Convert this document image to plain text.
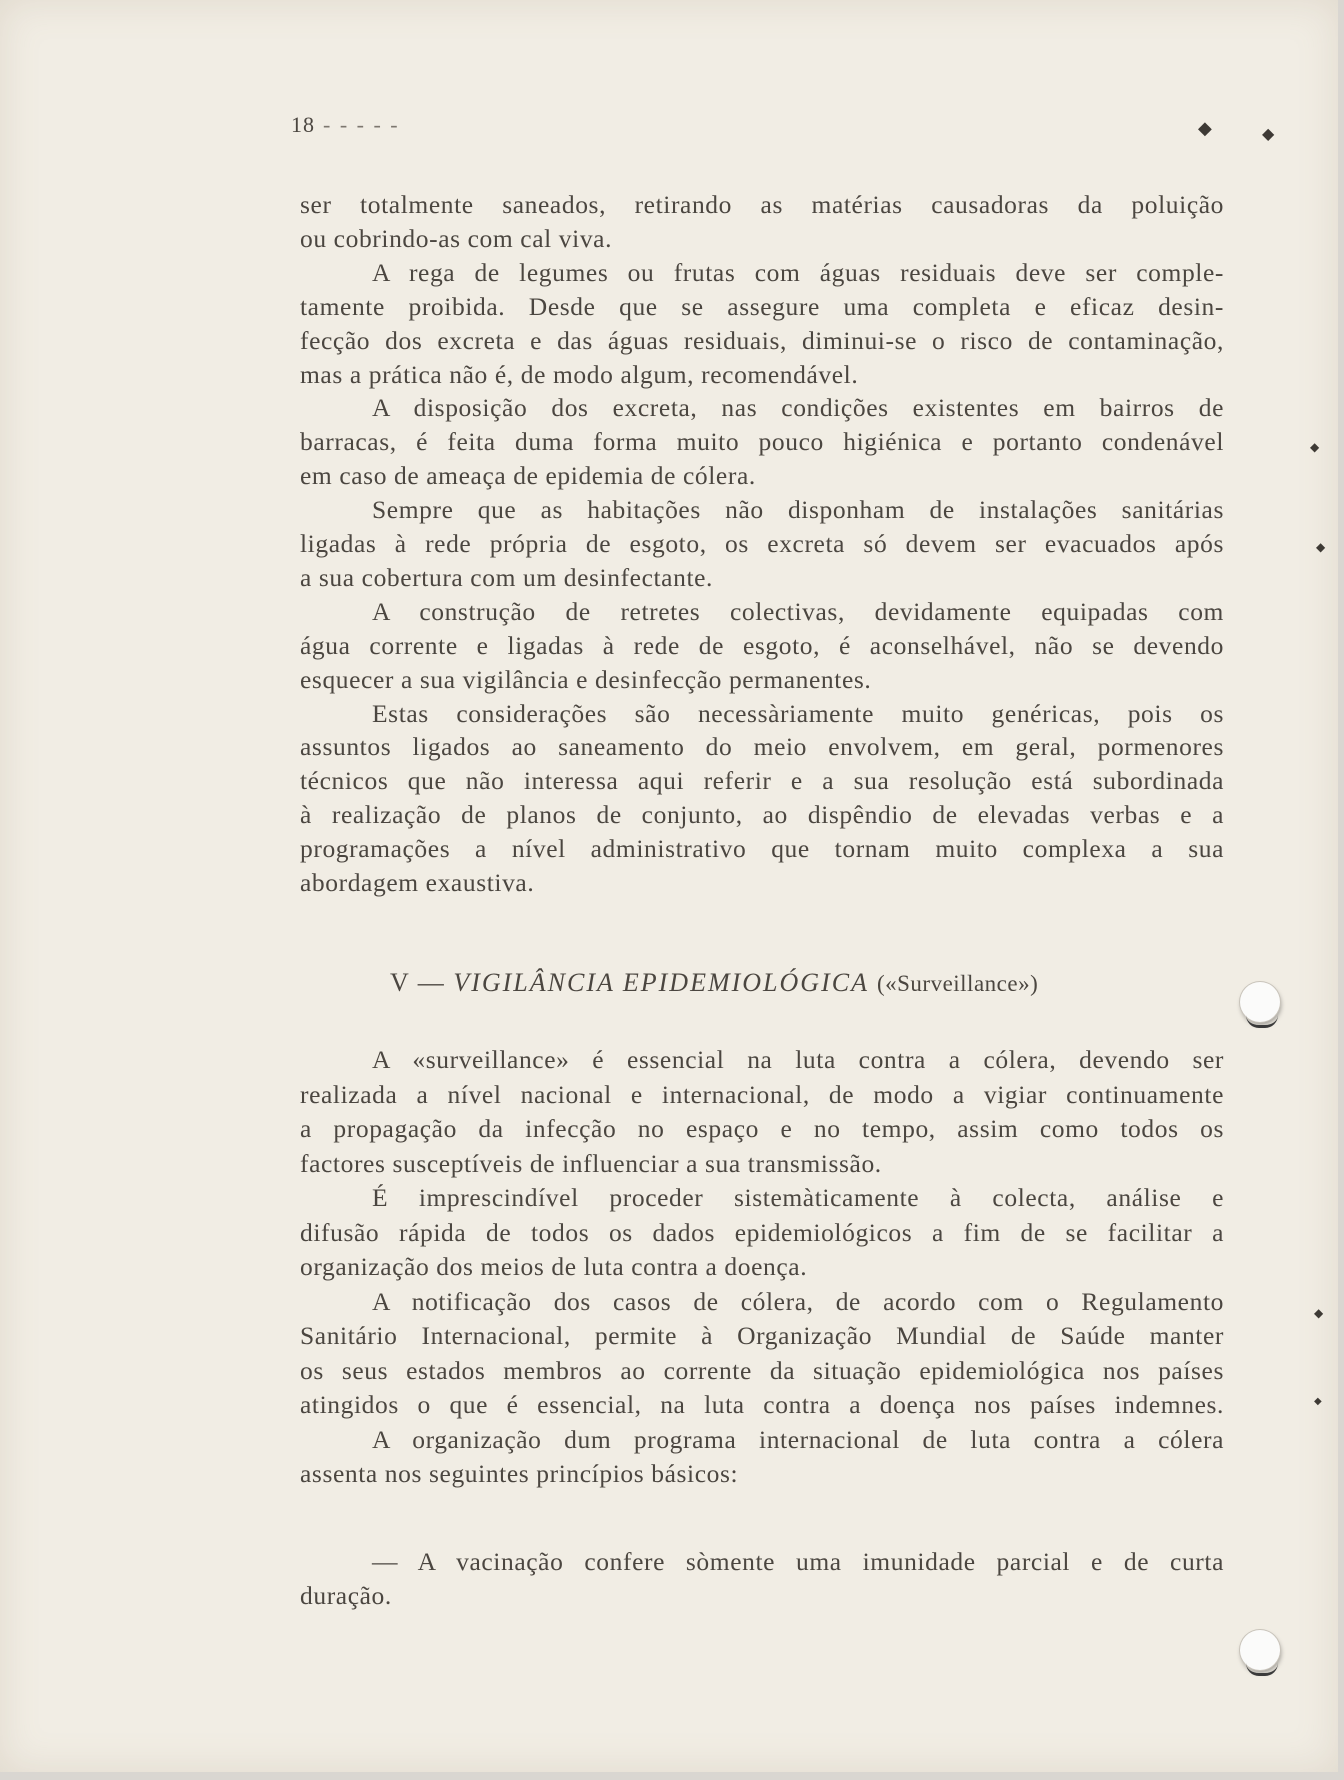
18 - - - - -	◆	◆
◆
◆
◆
◆
ser totalmente saneados, retirando as matérias causadoras da poluição
ou cobrindo-as com cal viva.
A rega de legumes ou frutas com águas residuais deve ser comple-
tamente proibida. Desde que se assegure uma completa e eficaz desin-
fecção dos excreta e das águas residuais, diminui-se o risco de contaminação,
mas a prática não é, de modo algum, recomendável.
A disposição dos excreta, nas condições existentes em bairros de
barracas, é feita duma forma muito pouco higiénica e portanto condenável
em caso de ameaça de epidemia de cólera.
Sempre que as habitações não disponham de instalações sanitárias
ligadas à rede própria de esgoto, os excreta só devem ser evacuados após
a sua cobertura com um desinfectante.
A construção de retretes colectivas, devidamente equipadas com
água corrente e ligadas à rede de esgoto, é aconselhável, não se devendo
esquecer a sua vigilância e desinfecção permanentes.
Estas considerações são necessàriamente muito genéricas, pois os
assuntos ligados ao saneamento do meio envolvem, em geral, pormenores
técnicos que não interessa aqui referir e a sua resolução está subordinada
à realização de planos de conjunto, ao dispêndio de elevadas verbas e a
programações a nível administrativo que tornam muito complexa a sua
abordagem exaustiva.
A «surveillance» é essencial na luta contra a cólera, devendo ser
realizada a nível nacional e internacional, de modo a vigiar continuamente
a propagação da infecção no espaço e no tempo, assim como todos os
factores susceptíveis de influenciar a sua transmissão.
É imprescindível proceder sistemàticamente à colecta, análise e
difusão rápida de todos os dados epidemiológicos a fim de se facilitar a
organização dos meios de luta contra a doença.
A notificação dos casos de cólera, de acordo com o Regulamento
Sanitário Internacional, permite à Organização Mundial de Saúde manter
os seus estados membros ao corrente da situação epidemiológica nos países
atingidos o que é essencial, na luta contra a doença nos países indemnes.
A organização dum programa internacional de luta contra a cólera
assenta nos seguintes princípios básicos:
— A vacinação confere sòmente uma imunidade parcial e de curta
duração.
V — VIGILÂNCIA EPIDEMIOLÓGICA («Surveillance»)
